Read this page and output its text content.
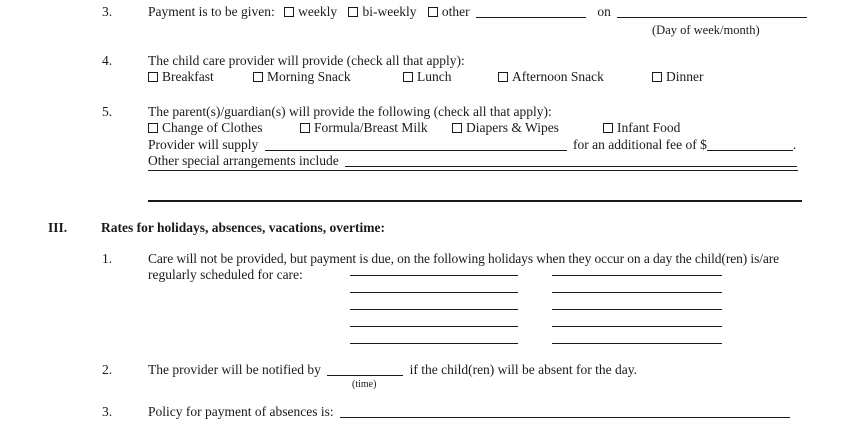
3.	Payment is to be given: weekly bi-weekly other	on
(Day of week/month)
4.	The child care provider will provide (check all that apply):
Breakfast	Morning Snack	Lunch	Afternoon Snack	Dinner
5.	The parent(s)/guardian(s) will provide the following (check all that apply):
Change of Clothes	Formula/Breast Milk	Diapers & Wipes	Infant Food
Provider will supply	for an additional fee of $	.
Other special arrangements include
III.	Rates for holidays, absences, vacations, overtime:
1.	Care will not be provided, but payment is due, on the following holidays when they occur on a day the child(ren) is/are
regularly scheduled for care:
2.	The provider will be notified by	if the child(ren) will be absent for the day.
(time)
3.	Policy for payment of absences is:
